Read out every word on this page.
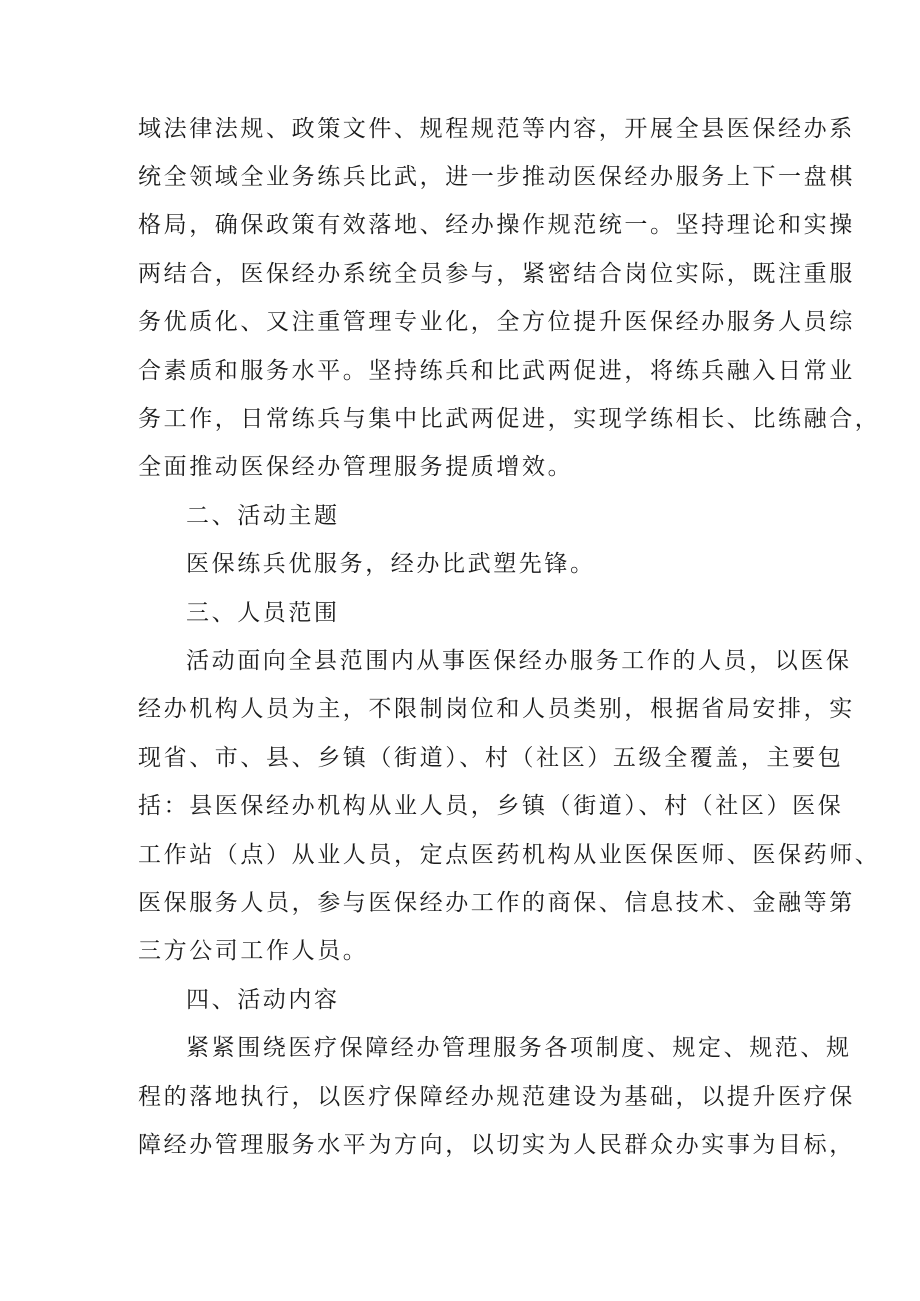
域法律法规、政策文件、规程规范等内容，开展全县医保经办系
统全领域全业务练兵比武，进一步推动医保经办服务上下一盘棋
格局，确保政策有效落地、经办操作规范统一。坚持理论和实操
两结合，医保经办系统全员参与，紧密结合岗位实际，既注重服
务优质化、又注重管理专业化，全方位提升医保经办服务人员综
合素质和服务水平。坚持练兵和比武两促进，将练兵融入日常业
务工作，日常练兵与集中比武两促进，实现学练相长、比练融合，
全面推动医保经办管理服务提质增效。
二、活动主题
医保练兵优服务，经办比武塑先锋。
三、人员范围
活动面向全县范围内从事医保经办服务工作的人员，以医保
经办机构人员为主，不限制岗位和人员类别，根据省局安排，实
现省、市、县、乡镇（街道）、村（社区）五级全覆盖，主要包
括：县医保经办机构从业人员，乡镇（街道）、村（社区）医保
工作站（点）从业人员，定点医药机构从业医保医师、医保药师、
医保服务人员，参与医保经办工作的商保、信息技术、金融等第
三方公司工作人员。
四、活动内容
紧紧围绕医疗保障经办管理服务各项制度、规定、规范、规
程的落地执行，以医疗保障经办规范建设为基础，以提升医疗保
障经办管理服务水平为方向，以切实为人民群众办实事为目标，
